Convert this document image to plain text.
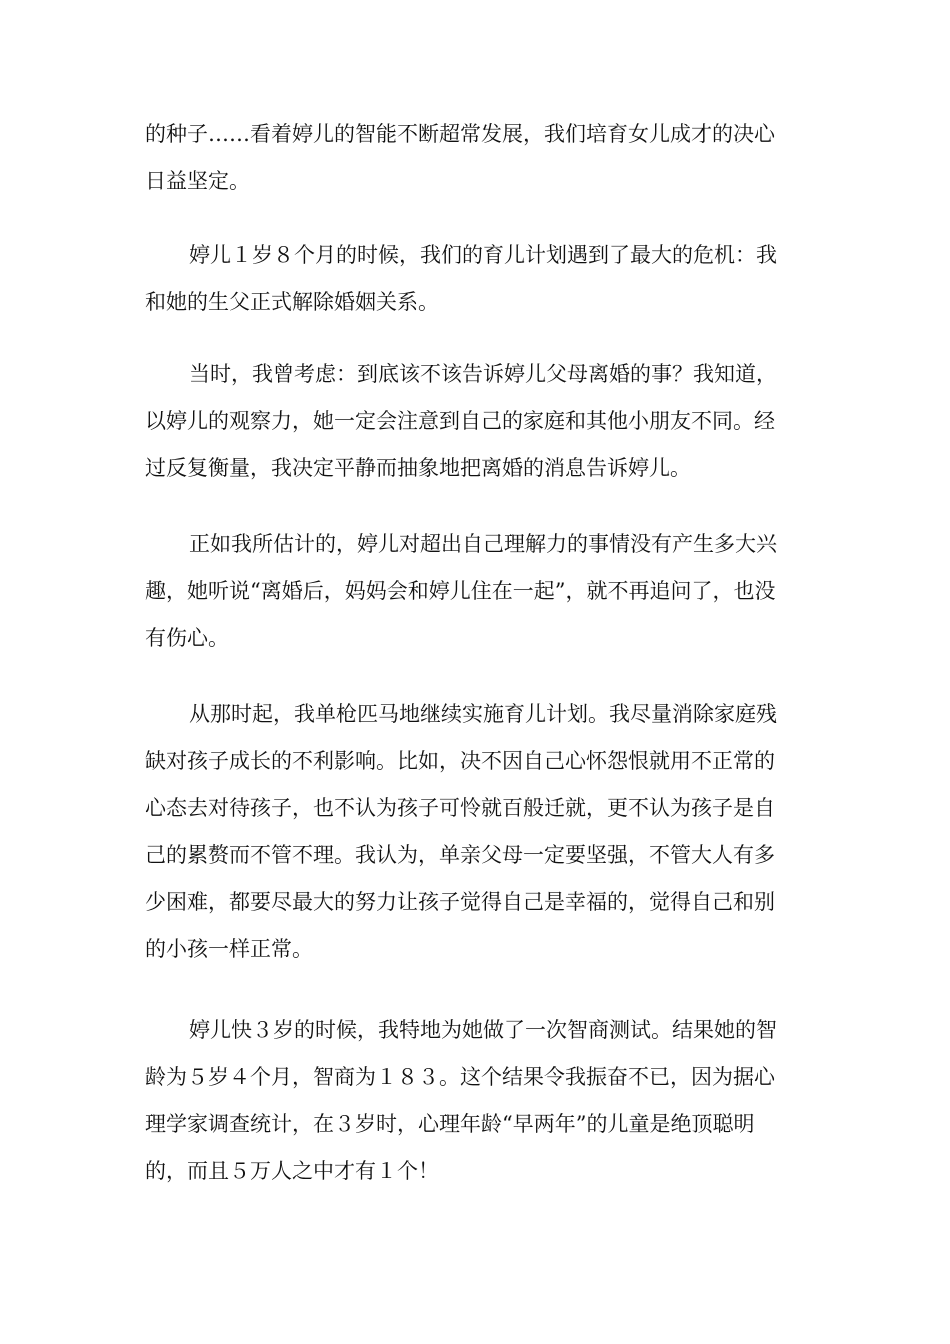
的种子……看着婷儿的智能不断超常发展，我们培育女儿成才的决心
日益坚定。
婷儿１岁８个月的时候，我们的育儿计划遇到了最大的危机：我
和她的生父正式解除婚姻关系。
当时，我曾考虑：到底该不该告诉婷儿父母离婚的事？我知道，
以婷儿的观察力，她一定会注意到自己的家庭和其他小朋友不同。经
过反复衡量，我决定平静而抽象地把离婚的消息告诉婷儿。
正如我所估计的，婷儿对超出自己理解力的事情没有产生多大兴
趣，她听说“离婚后，妈妈会和婷儿住在一起”，就不再追问了，也没
有伤心。
从那时起，我单枪匹马地继续实施育儿计划。我尽量消除家庭残
缺对孩子成长的不利影响。比如，决不因自己心怀怨恨就用不正常的
心态去对待孩子，也不认为孩子可怜就百般迁就，更不认为孩子是自
己的累赘而不管不理。我认为，单亲父母一定要坚强，不管大人有多
少困难，都要尽最大的努力让孩子觉得自己是幸福的，觉得自己和别
的小孩一样正常。
婷儿快３岁的时候，我特地为她做了一次智商测试。结果她的智
龄为５岁４个月，智商为１８３。这个结果令我振奋不已，因为据心
理学家调查统计，在３岁时，心理年龄“早两年”的儿童是绝顶聪明
的，而且５万人之中才有１个！
